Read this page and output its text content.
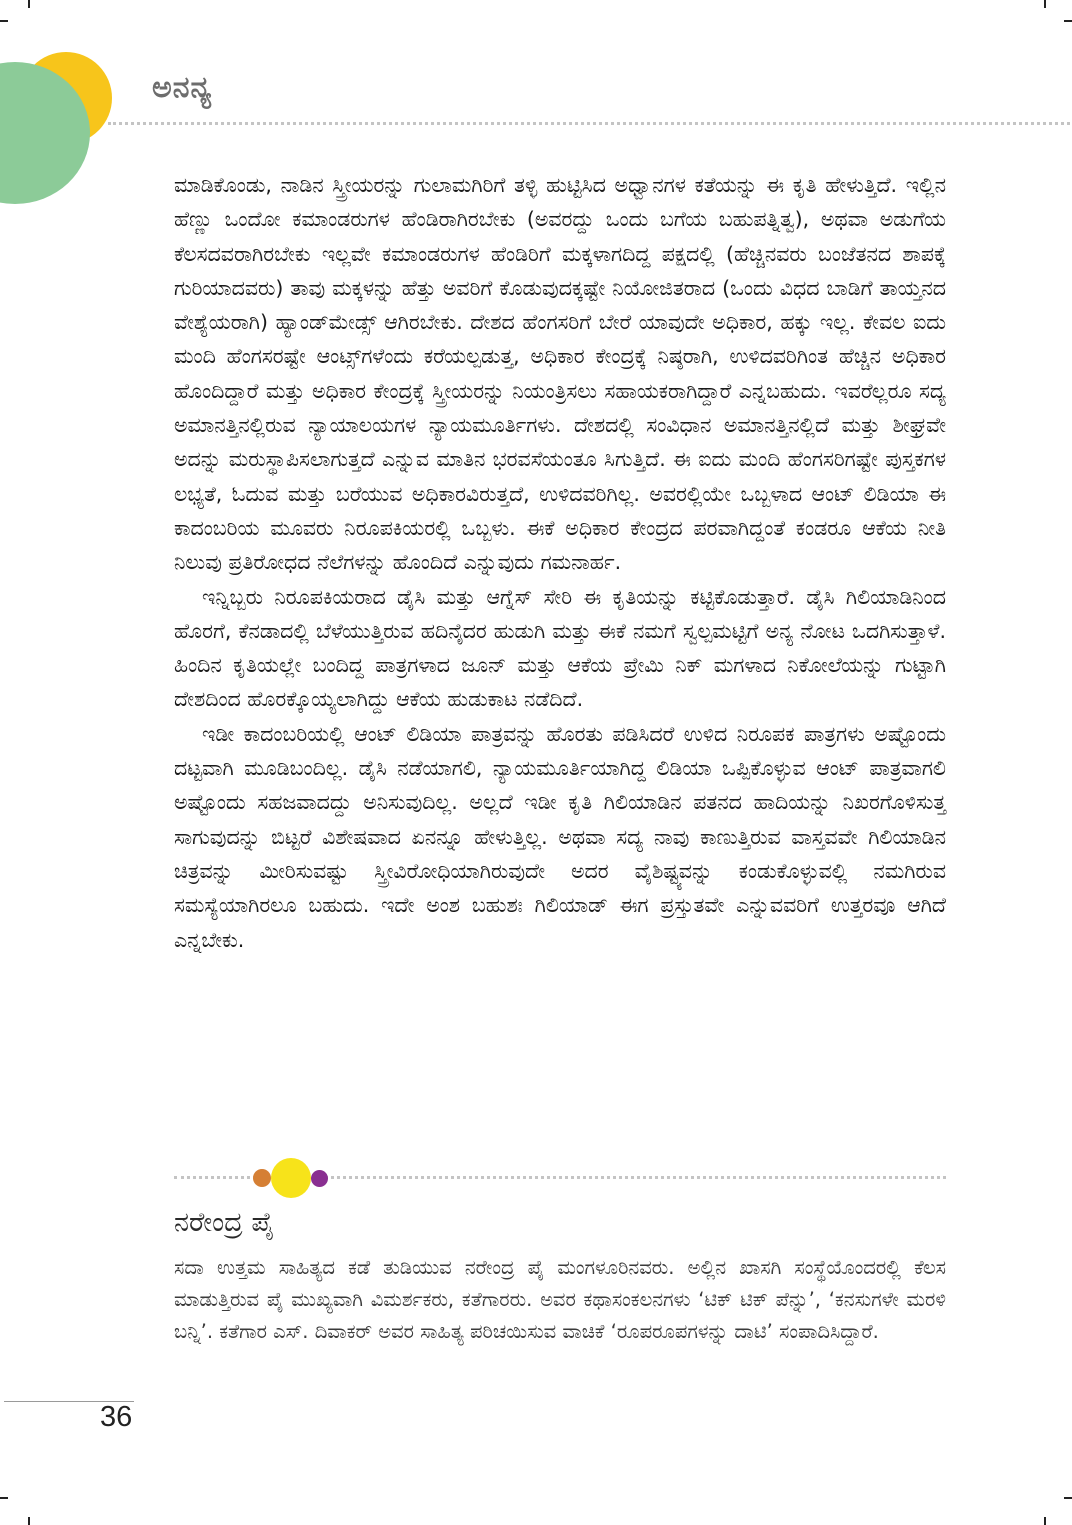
ಅನನ್ಯ

ಮಾಡಿಕೊಂಡು, ನಾಡಿನ ಸ್ತ್ರೀಯರನ್ನು ಗುಲಾಮಗಿರಿಗೆ ತಳ್ಳಿ ಹುಟ್ಟಿಸಿದ ಅಧ್ವಾನಗಳ ಕತೆಯನ್ನು ಈ ಕೃತಿ ಹೇಳುತ್ತಿದೆ. ಇಲ್ಲಿನ ಹೆಣ್ಣು ಒಂದೋ ಕಮಾಂಡರುಗಳ ಹೆಂಡಿರಾಗಿರಬೇಕು (ಅವರದ್ದು ಒಂದು ಬಗೆಯ ಬಹುಪತ್ನಿತ್ವ), ಅಥವಾ ಅಡುಗೆಯ ಕೆಲಸದವರಾಗಿರಬೇಕು ಇಲ್ಲವೇ ಕಮಾಂಡರುಗಳ ಹೆಂಡಿರಿಗೆ ಮಕ್ಕಳಾಗದಿದ್ದ ಪಕ್ಷದಲ್ಲಿ (ಹೆಚ್ಚಿನವರು ಬಂಜೆತನದ ಶಾಪಕ್ಕೆ ಗುರಿಯಾದವರು) ತಾವು ಮಕ್ಕಳನ್ನು ಹೆತ್ತು ಅವರಿಗೆ ಕೊಡುವುದಕ್ಕಷ್ಟೇ ನಿಯೋಜಿತರಾದ (ಒಂದು ವಿಧದ ಬಾಡಿಗೆ ತಾಯ್ತನದ ವೇಶ್ಯೆಯರಾಗಿ) ಹ್ಯಾಂಡ್‌ಮೇಡ್ಸ್ ಆಗಿರಬೇಕು. ದೇಶದ ಹೆಂಗಸರಿಗೆ ಬೇರೆ ಯಾವುದೇ ಅಧಿಕಾರ, ಹಕ್ಕು ಇಲ್ಲ. ಕೇವಲ ಐದು ಮಂದಿ ಹೆಂಗಸರಷ್ಟೇ ಆಂಟ್ಸ್‌ಗಳೆಂದು ಕರೆಯಲ್ಪಡುತ್ತ, ಅಧಿಕಾರ ಕೇಂದ್ರಕ್ಕೆ ನಿಷ್ಠರಾಗಿ, ಉಳಿದವರಿಗಿಂತ ಹೆಚ್ಚಿನ ಅಧಿಕಾರ ಹೊಂದಿದ್ದಾರೆ ಮತ್ತು ಅಧಿಕಾರ ಕೇಂದ್ರಕ್ಕೆ ಸ್ತ್ರೀಯರನ್ನು ನಿಯಂತ್ರಿಸಲು ಸಹಾಯಕರಾಗಿದ್ದಾರೆ ಎನ್ನಬಹುದು. ಇವರೆಲ್ಲರೂ ಸದ್ಯ ಅಮಾನತ್ತಿನಲ್ಲಿರುವ ನ್ಯಾಯಾಲಯಗಳ ನ್ಯಾಯಮೂರ್ತಿಗಳು. ದೇಶದಲ್ಲಿ ಸಂವಿಧಾನ ಅಮಾನತ್ತಿನಲ್ಲಿದೆ ಮತ್ತು ಶೀಘ್ರವೇ ಅದನ್ನು ಮರುಸ್ಥಾಪಿಸಲಾಗುತ್ತದೆ ಎನ್ನುವ ಮಾತಿನ ಭರವಸೆಯಂತೂ ಸಿಗುತ್ತಿದೆ. ಈ ಐದು ಮಂದಿ ಹೆಂಗಸರಿಗಷ್ಟೇ ಪುಸ್ತಕಗಳ ಲಭ್ಯತೆ, ಓದುವ ಮತ್ತು ಬರೆಯುವ ಅಧಿಕಾರವಿರುತ್ತದೆ, ಉಳಿದವರಿಗಿಲ್ಲ. ಅವರಲ್ಲಿಯೇ ಒಬ್ಬಳಾದ ಆಂಟ್ ಲಿಡಿಯಾ ಈ ಕಾದಂಬರಿಯ ಮೂವರು ನಿರೂಪಕಿಯರಲ್ಲಿ ಒಬ್ಬಳು. ಈಕೆ ಅಧಿಕಾರ ಕೇಂದ್ರದ ಪರವಾಗಿದ್ದಂತೆ ಕಂಡರೂ ಆಕೆಯ ನೀತಿ ನಿಲುವು ಪ್ರತಿರೋಧದ ನೆಲೆಗಳನ್ನು ಹೊಂದಿದೆ ಎನ್ನುವುದು ಗಮನಾರ್ಹ.

ಇನ್ನಿಬ್ಬರು ನಿರೂಪಕಿಯರಾದ ಡೈಸಿ ಮತ್ತು ಆಗ್ನೆಸ್ ಸೇರಿ ಈ ಕೃತಿಯನ್ನು ಕಟ್ಟಿಕೊಡುತ್ತಾರೆ. ಡೈಸಿ ಗಿಲಿಯಾಡಿನಿಂದ ಹೊರಗೆ, ಕೆನಡಾದಲ್ಲಿ ಬೆಳೆಯುತ್ತಿರುವ ಹದಿನೈದರ ಹುಡುಗಿ ಮತ್ತು ಈಕೆ ನಮಗೆ ಸ್ವಲ್ಪಮಟ್ಟಿಗೆ ಅನ್ಯ ನೋಟ ಒದಗಿಸುತ್ತಾಳೆ. ಹಿಂದಿನ ಕೃತಿಯಲ್ಲೇ ಬಂದಿದ್ದ ಪಾತ್ರಗಳಾದ ಜೂನ್ ಮತ್ತು ಆಕೆಯ ಪ್ರೇಮಿ ನಿಕ್ ಮಗಳಾದ ನಿಕೋಲೆಯನ್ನು ಗುಟ್ಟಾಗಿ ದೇಶದಿಂದ ಹೊರಕ್ಕೊಯ್ಯಲಾಗಿದ್ದು ಆಕೆಯ ಹುಡುಕಾಟ ನಡೆದಿದೆ.

ಇಡೀ ಕಾದಂಬರಿಯಲ್ಲಿ ಆಂಟ್ ಲಿಡಿಯಾ ಪಾತ್ರವನ್ನು ಹೊರತು ಪಡಿಸಿದರೆ ಉಳಿದ ನಿರೂಪಕ ಪಾತ್ರಗಳು ಅಷ್ಟೊಂದು ದಟ್ಟವಾಗಿ ಮೂಡಿಬಂದಿಲ್ಲ. ಡೈಸಿ ನಡೆಯಾಗಲಿ, ನ್ಯಾಯಮೂರ್ತಿಯಾಗಿದ್ದ ಲಿಡಿಯಾ ಒಪ್ಪಿಕೊಳ್ಳುವ ಆಂಟ್ ಪಾತ್ರವಾಗಲಿ ಅಷ್ಟೊಂದು ಸಹಜವಾದದ್ದು ಅನಿಸುವುದಿಲ್ಲ. ಅಲ್ಲದೆ ಇಡೀ ಕೃತಿ ಗಿಲಿಯಾಡಿನ ಪತನದ ಹಾದಿಯನ್ನು ನಿಖರಗೊಳಿಸುತ್ತ ಸಾಗುವುದನ್ನು ಬಿಟ್ಟರೆ ವಿಶೇಷವಾದ ಏನನ್ನೂ ಹೇಳುತ್ತಿಲ್ಲ. ಅಥವಾ ಸದ್ಯ ನಾವು ಕಾಣುತ್ತಿರುವ ವಾಸ್ತವವೇ ಗಿಲಿಯಾಡಿನ ಚಿತ್ರವನ್ನು ಮೀರಿಸುವಷ್ಟು ಸ್ತ್ರೀವಿರೋಧಿಯಾಗಿರುವುದೇ ಅದರ ವೈಶಿಷ್ಟ್ಯವನ್ನು ಕಂಡುಕೊಳ್ಳುವಲ್ಲಿ ನಮಗಿರುವ ಸಮಸ್ಯೆಯಾಗಿರಲೂ ಬಹುದು. ಇದೇ ಅಂಶ ಬಹುಶಃ ಗಿಲಿಯಾಡ್ ಈಗ ಪ್ರಸ್ತುತವೇ ಎನ್ನುವವರಿಗೆ ಉತ್ತರವೂ ಆಗಿದೆ ಎನ್ನಬೇಕು.

ನರೇಂದ್ರ ಪೈ

ಸದಾ ಉತ್ತಮ ಸಾಹಿತ್ಯದ ಕಡೆ ತುಡಿಯುವ ನರೇಂದ್ರ ಪೈ ಮಂಗಳೂರಿನವರು. ಅಲ್ಲಿನ ಖಾಸಗಿ ಸಂಸ್ಥೆಯೊಂದರಲ್ಲಿ ಕೆಲಸ ಮಾಡುತ್ತಿರುವ ಪೈ ಮುಖ್ಯವಾಗಿ ವಿಮರ್ಶಕರು, ಕತೆಗಾರರು. ಅವರ ಕಥಾಸಂಕಲನಗಳು ‘ಟಿಕ್ ಟಿಕ್ ಪೆನ್ನು’, ‘ಕನಸುಗಳೇ ಮರಳಿ ಬನ್ನಿ’. ಕತೆಗಾರ ಎಸ್. ದಿವಾಕರ್ ಅವರ ಸಾಹಿತ್ಯ ಪರಿಚಯಿಸುವ ವಾಚಿಕೆ ‘ರೂಪರೂಪಗಳನ್ನು ದಾಟಿ’ ಸಂಪಾದಿಸಿದ್ದಾರೆ.

36
